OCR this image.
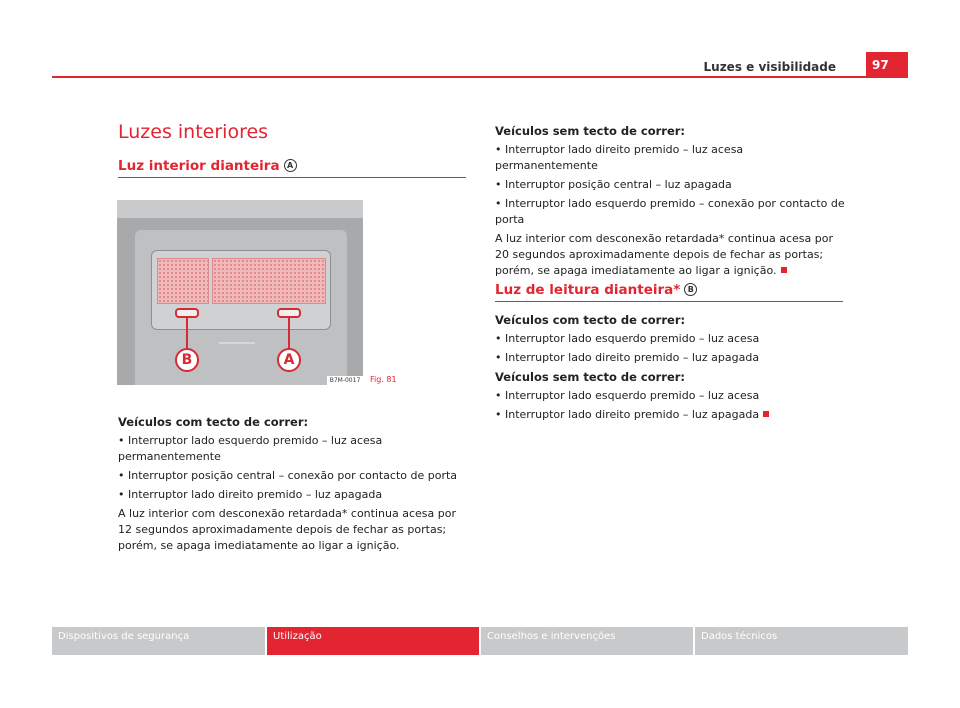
Luzes e visibilidade	97
Luzes interiores
Luz interior dianteira A
B	A
B7M-0017	Fig. 81
Veículos com tecto de correr:
• Interruptor lado esquerdo premido – luz acesa permanentemente
• Interruptor posição central – conexão por contacto de porta
• Interruptor lado direito premido – luz apagada
A luz interior com desconexão retardada* continua acesa por 12 segundos aproximadamente depois de fechar as portas; porém, se apaga imediatamente ao ligar a ignição.
Veículos sem tecto de correr:
• Interruptor lado direito premido – luz acesa permanentemente
• Interruptor posição central – luz apagada
• Interruptor lado esquerdo premido – conexão por contacto de porta
A luz interior com desconexão retardada* continua acesa por 20 segundos aproximadamente depois de fechar as portas; porém, se apaga imediatamente ao ligar a ignição.
Luz de leitura dianteira* B
Veículos com tecto de correr:
• Interruptor lado esquerdo premido – luz acesa
• Interruptor lado direito premido – luz apagada
Veículos sem tecto de correr:
• Interruptor lado esquerdo premido – luz acesa
• Interruptor lado direito premido – luz apagada
Dispositivos de segurança	Utilização	Conselhos e intervenções	Dados técnicos
